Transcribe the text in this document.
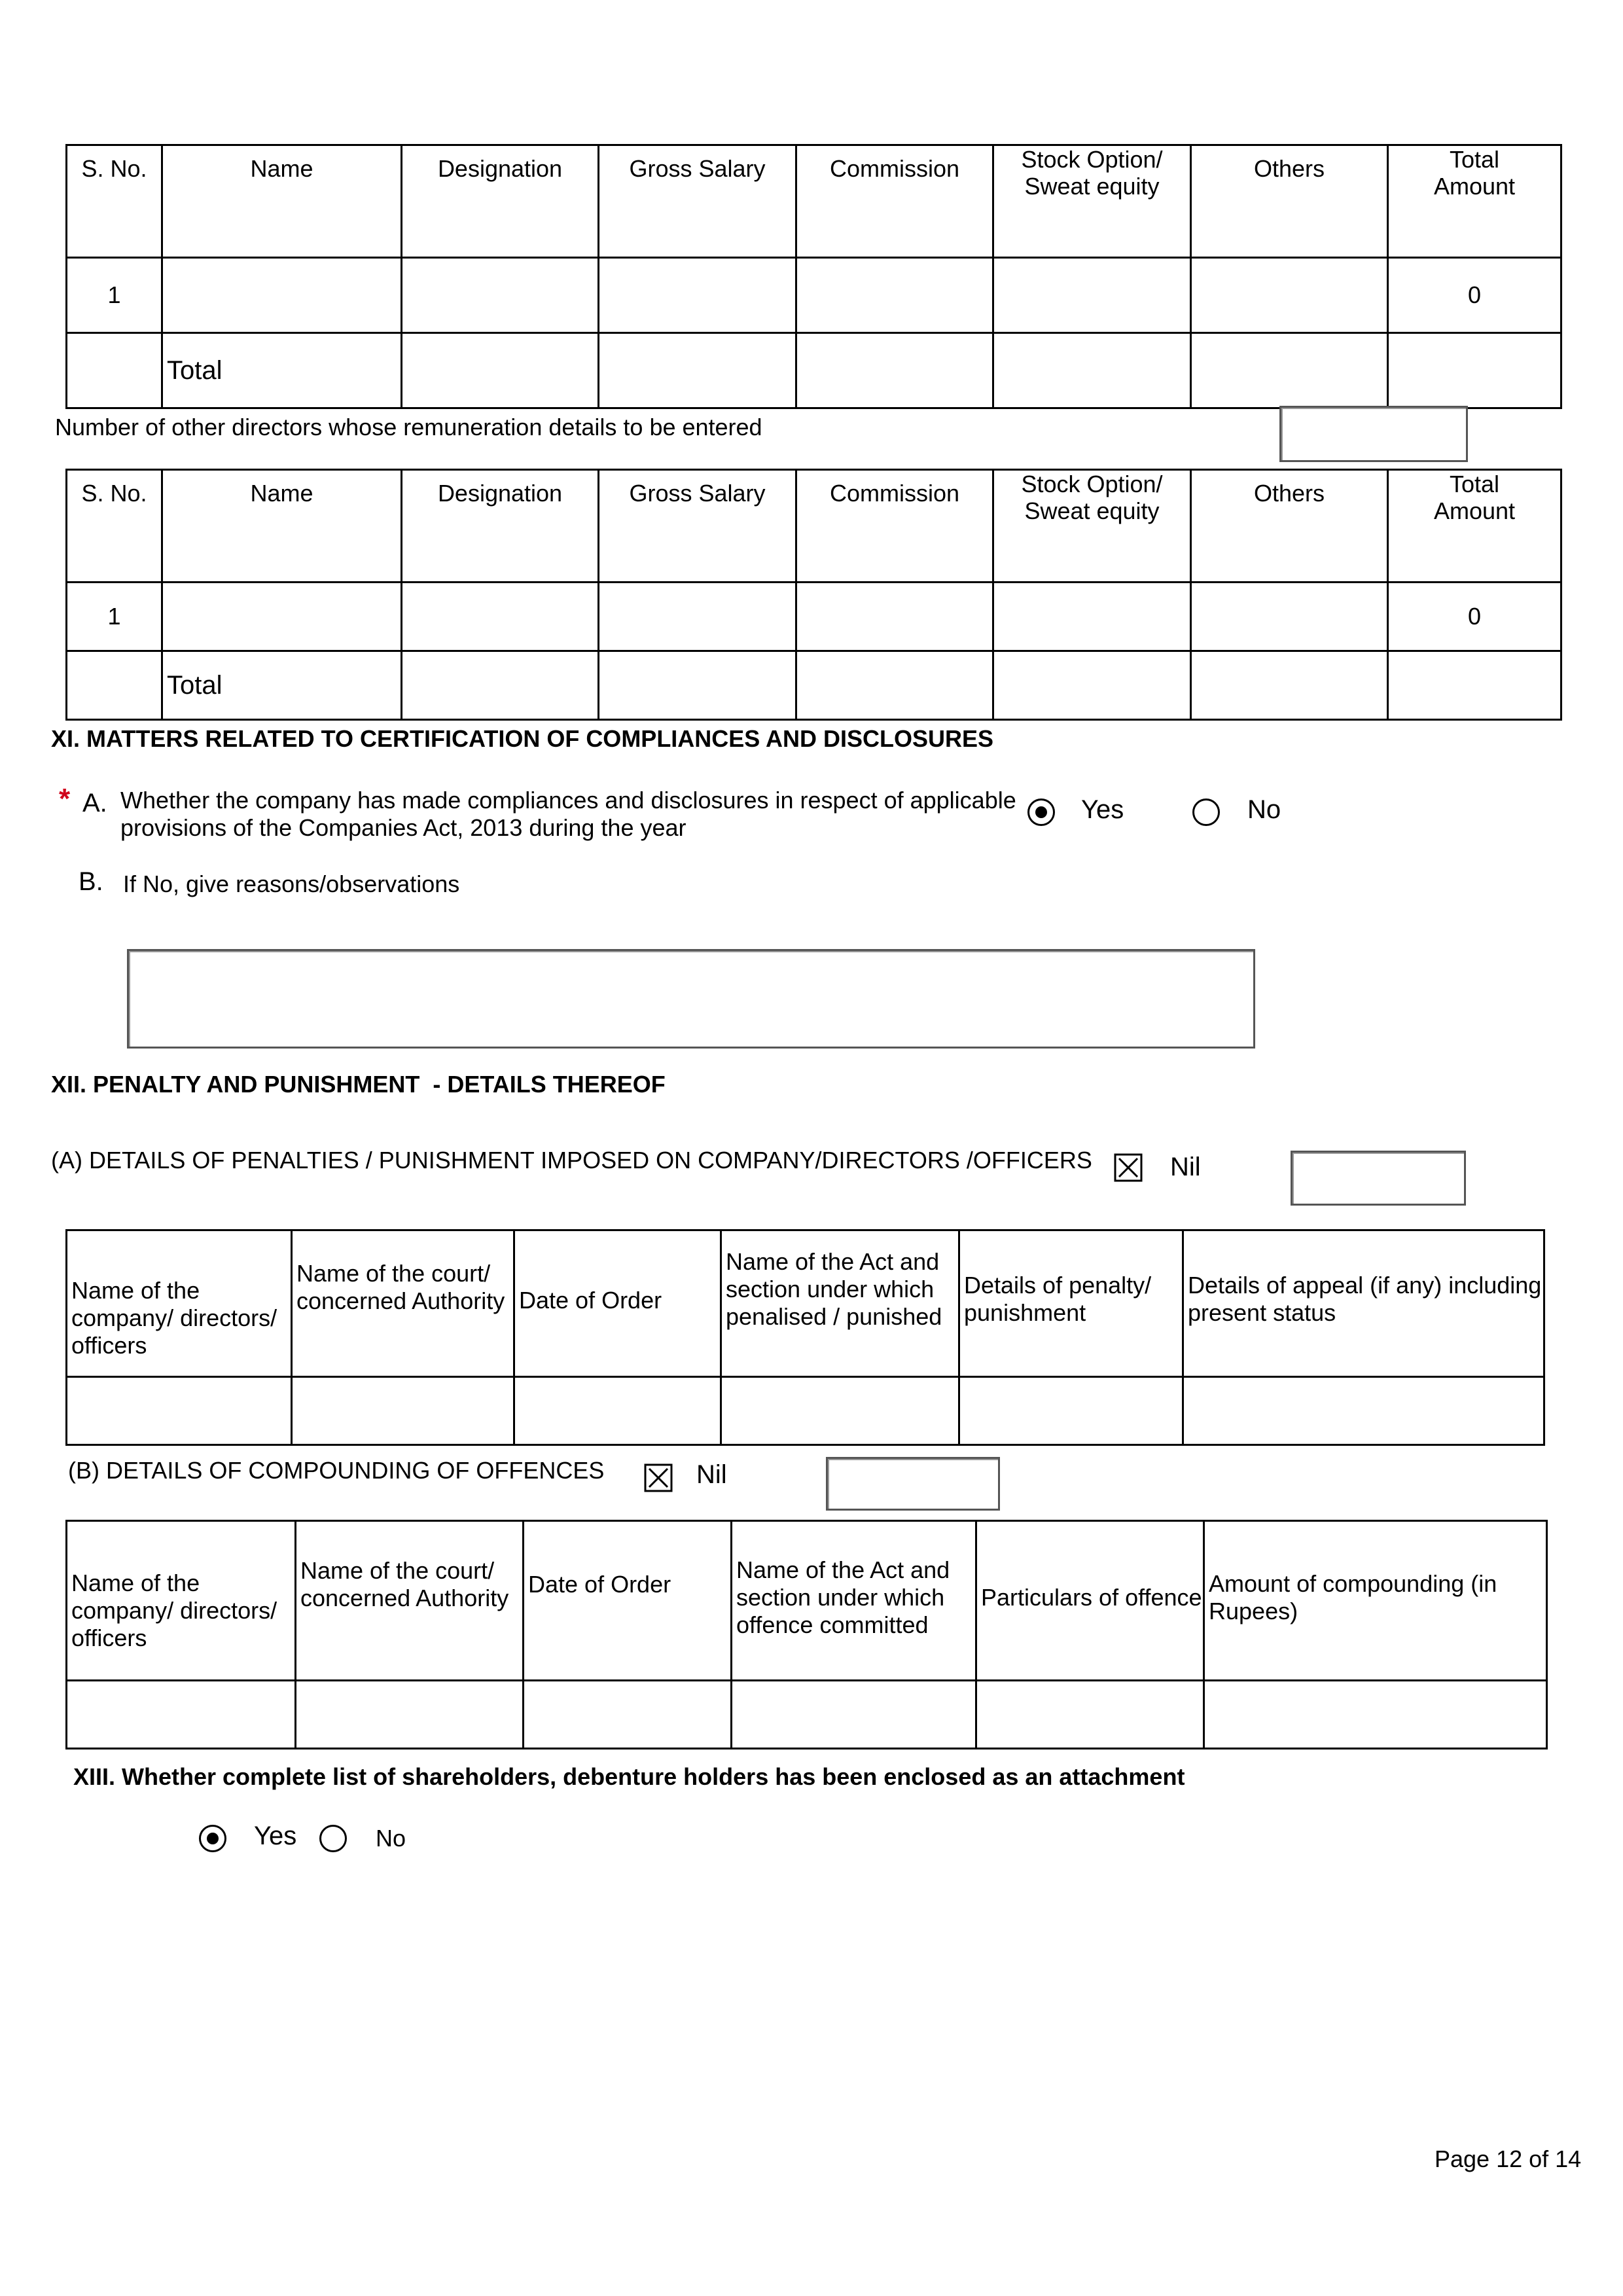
S. No.	Name	Designation	Gross Salary	Commission	Stock Option/ Sweat equity	Others	Total Amount
1							0
	Total						
Number of other directors whose remuneration details to be entered
S. No.	Name	Designation	Gross Salary	Commission	Stock Option/ Sweat equity	Others	Total Amount
1							0
	Total						
XI. MATTERS RELATED TO CERTIFICATION OF COMPLIANCES AND DISCLOSURES
* A. Whether the company has made compliances and disclosures in respect of applicable
provisions of the Companies Act, 2013 during the year
Yes	No
B. If No, give reasons/observations
XII. PENALTY AND PUNISHMENT  - DETAILS THEREOF
(A) DETAILS OF PENALTIES / PUNISHMENT IMPOSED ON COMPANY/DIRECTORS /OFFICERS	Nil
Name of the company/ directors/ officers	Name of the court/ concerned Authority	Date of Order	Name of the Act and section under which penalised / punished	Details of penalty/ punishment	Details of appeal (if any) including present status

(B) DETAILS OF COMPOUNDING OF OFFENCES	Nil
Name of the company/ directors/ officers	Name of the court/ concerned Authority	Date of Order	Name of the Act and section under which offence committed	Particulars of offence	Amount of compounding (in Rupees)

XIII. Whether complete list of shareholders, debenture holders has been enclosed as an attachment
Yes	No
Page 12 of 14
